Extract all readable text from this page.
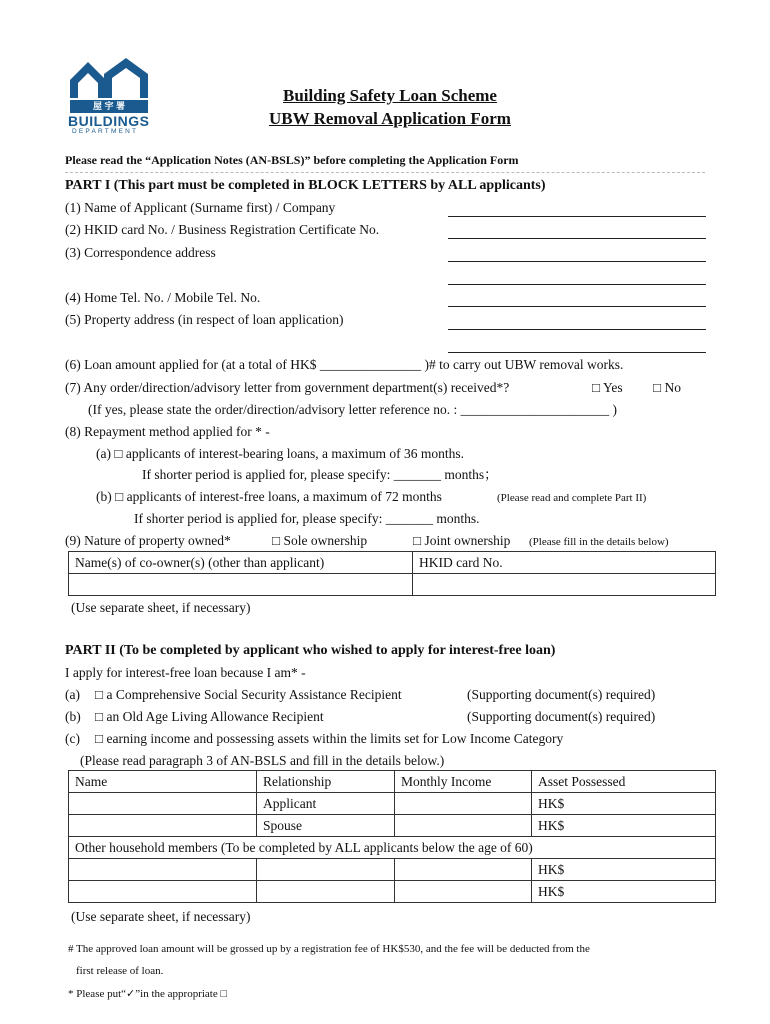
屋 宇 署
BUILDINGS
DEPARTMENT
Building Safety Loan Scheme
UBW Removal Application Form
Please read the “Application Notes (AN-BSLS)” before completing the Application Form
PART I (This part must be completed in BLOCK LETTERS by ALL applicants)
(1) Name of Applicant (Surname first) / Company
(2) HKID card No. / Business Registration Certificate No.
(3) Correspondence address
(4) Home Tel. No. / Mobile Tel. No.
(5) Property address (in respect of loan application)
(6) Loan amount applied for (at a total of HK$ _______________ )# to carry out UBW removal works.
(7) Any order/direction/advisory letter from government department(s) received*?	□ Yes □ No
(If yes, please state the order/direction/advisory letter reference no. : ______________________ )
(8) Repayment method applied for * -
(a) □ applicants of interest-bearing loans, a maximum of 36 months.
If shorter period is applied for, please specify: _______ months；
(b) □ applicants of interest-free loans, a maximum of 72 months	(Please read and complete Part II)
If shorter period is applied for, please specify: _______ months.
(9) Nature of property owned*	□ Sole ownership	□ Joint ownership (Please fill in the details below)
Name(s) of co-owner(s) (other than applicant)	HKID card No.

(Use separate sheet, if necessary)
PART II (To be completed by applicant who wished to apply for interest-free loan)
I apply for interest-free loan because I am* -
(a) □ a Comprehensive Social Security Assistance Recipient	(Supporting document(s) required)
(b) □ an Old Age Living Allowance Recipient	(Supporting document(s) required)
(c) □ earning income and possessing assets within the limits set for Low Income Category
(Please read paragraph 3 of AN-BSLS and fill in the details below.)
Name	Relationship	Monthly Income	Asset Possessed
	Applicant		HK$
	Spouse		HK$
Other household members (To be completed by ALL applicants below the age of 60)			
			HK$
			HK$
(Use separate sheet, if necessary)
# The approved loan amount will be grossed up by a registration fee of HK$530, and the fee will be deducted from the
first release of loan.
* Please put“✓”in the appropriate □
